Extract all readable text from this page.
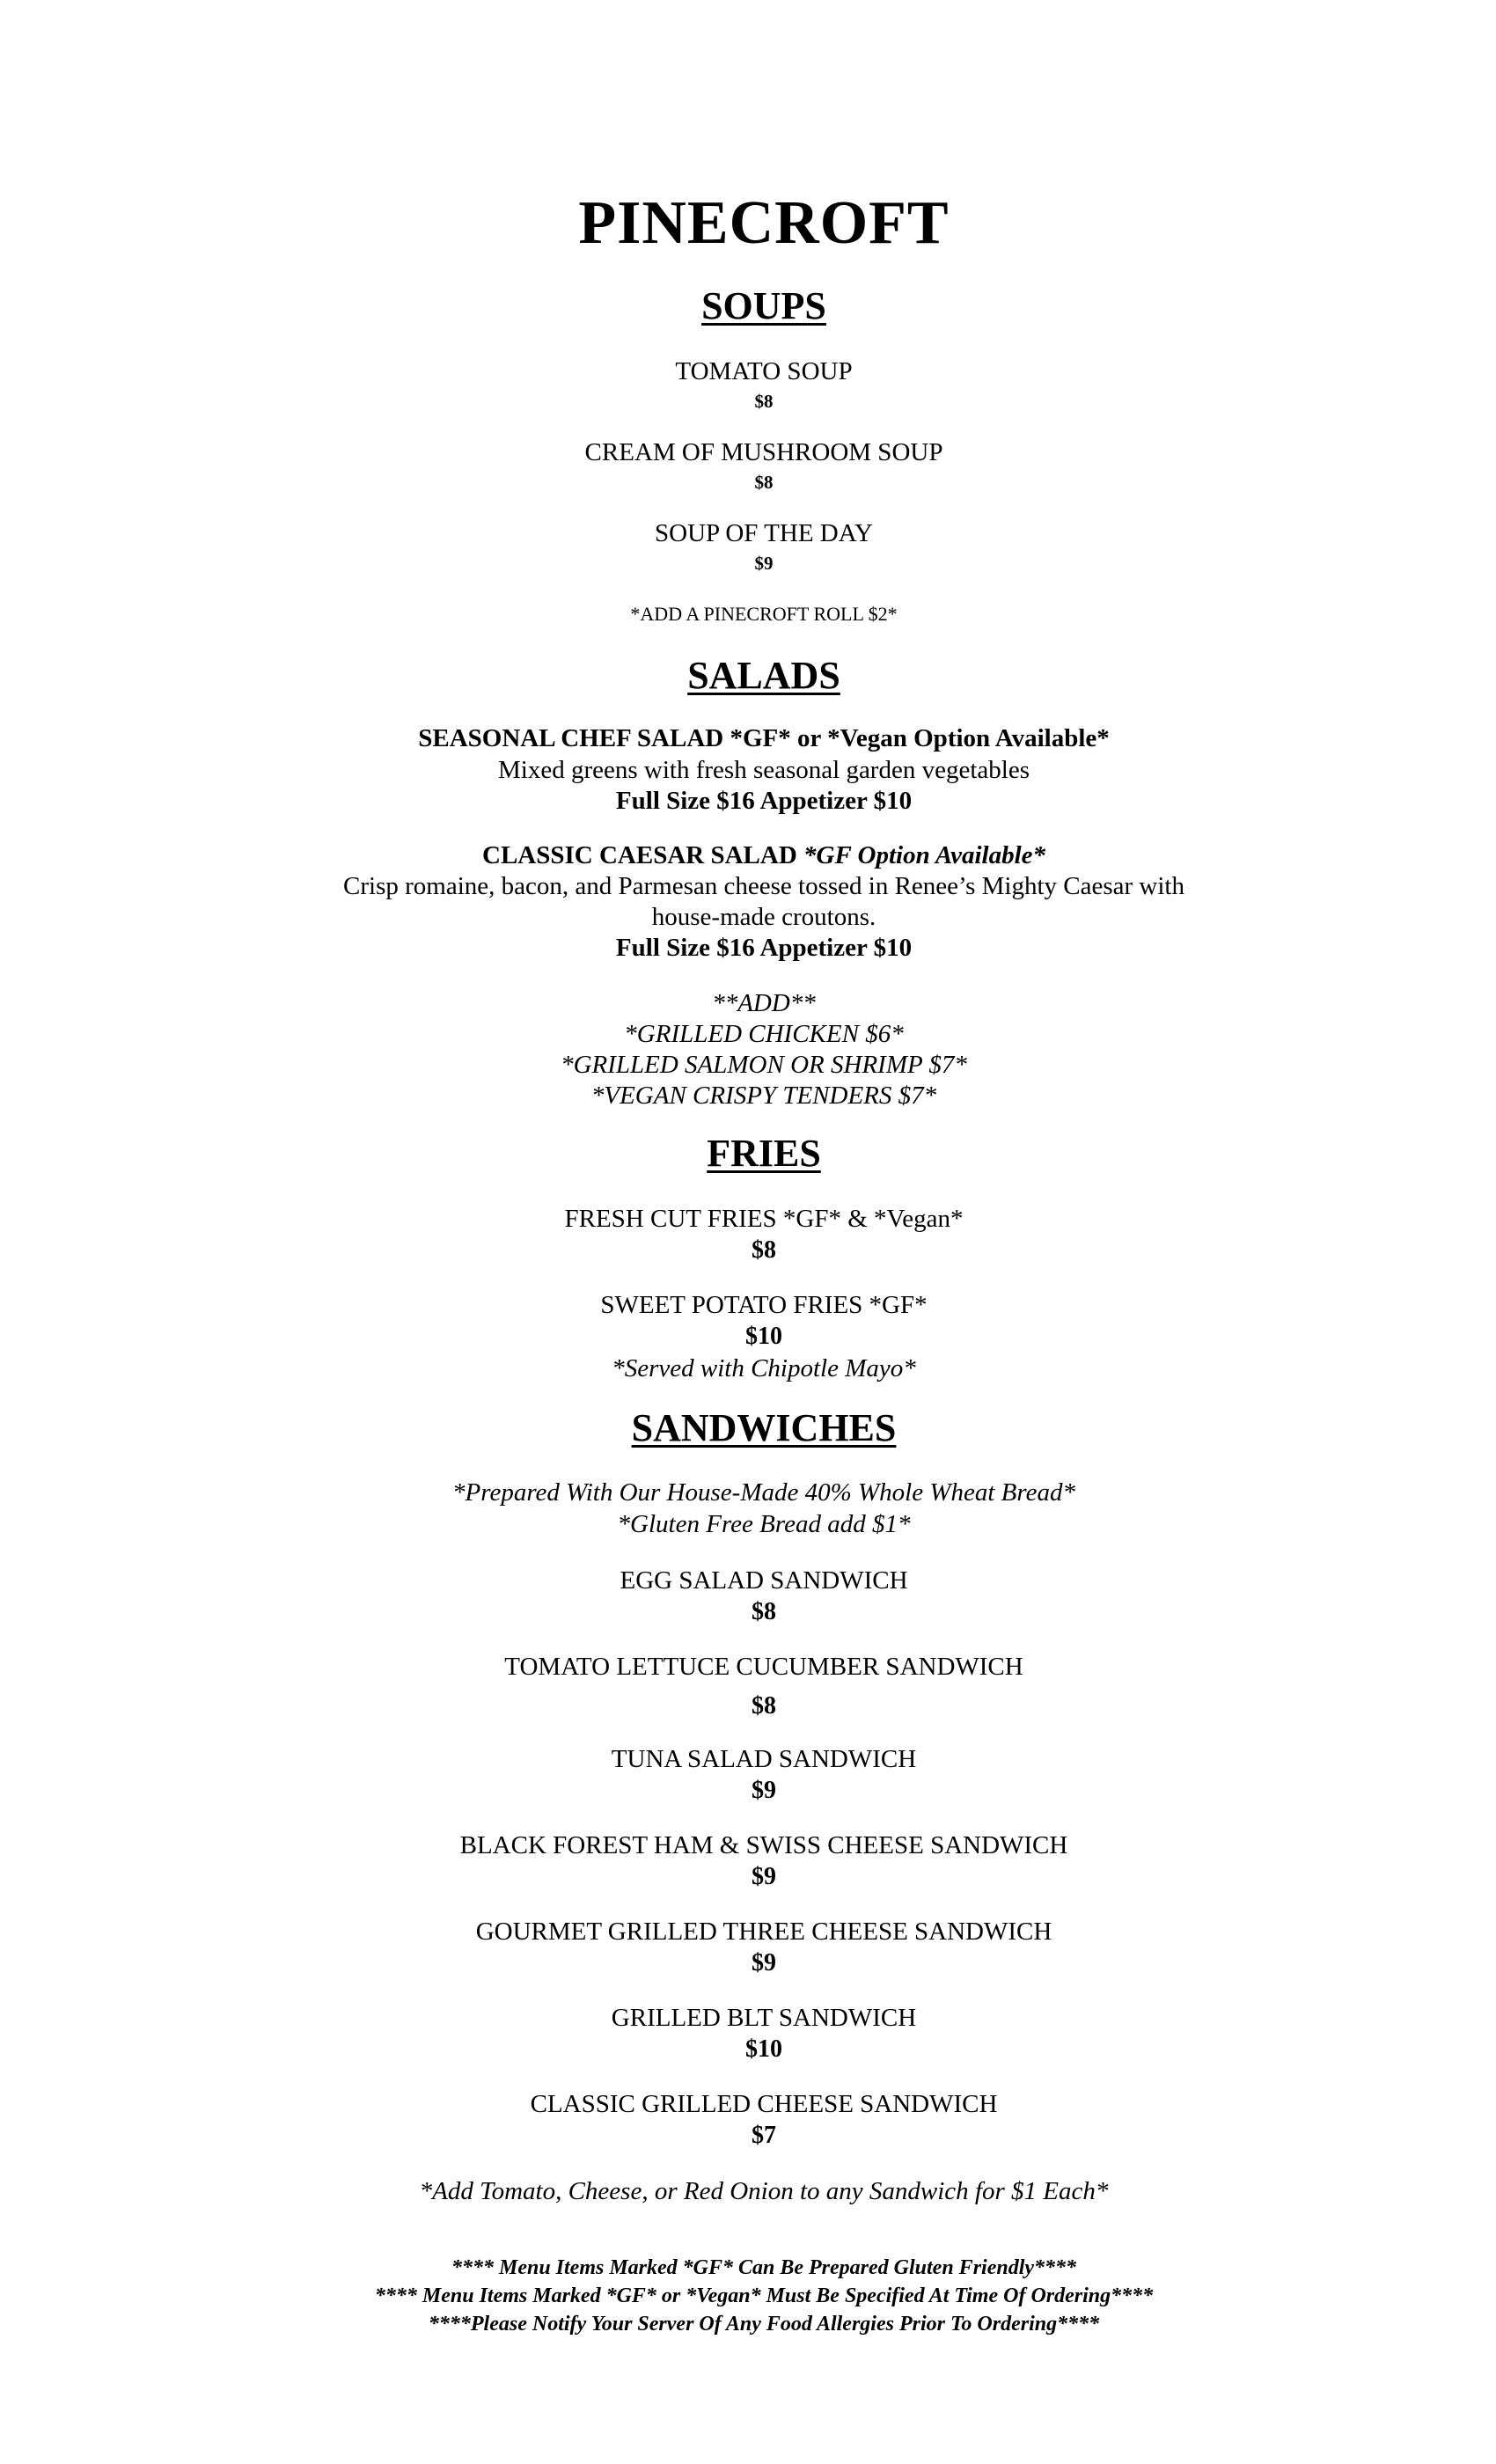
PINECROFT
SOUPS
TOMATO SOUP
$8
CREAM OF MUSHROOM SOUP
$8
SOUP OF THE DAY
$9
*ADD A PINECROFT ROLL $2*
SALADS
SEASONAL CHEF SALAD *GF* or *Vegan Option Available*
Mixed greens with fresh seasonal garden vegetables
Full Size $16 Appetizer $10
CLASSIC CAESAR SALAD *GF Option Available*
Crisp romaine, bacon, and Parmesan cheese tossed in Renee’s Mighty Caesar with
house-made croutons.
Full Size $16 Appetizer $10
**ADD**
*GRILLED CHICKEN $6*
*GRILLED SALMON OR SHRIMP $7*
*VEGAN CRISPY TENDERS $7*
FRIES
FRESH CUT FRIES *GF* & *Vegan*
$8
SWEET POTATO FRIES *GF*
$10
*Served with Chipotle Mayo*
SANDWICHES
*Prepared With Our House-Made 40% Whole Wheat Bread*
*Gluten Free Bread add $1*
EGG SALAD SANDWICH
$8
TOMATO LETTUCE CUCUMBER SANDWICH
$8
TUNA SALAD SANDWICH
$9
BLACK FOREST HAM & SWISS CHEESE SANDWICH
$9
GOURMET GRILLED THREE CHEESE SANDWICH
$9
GRILLED BLT SANDWICH
$10
CLASSIC GRILLED CHEESE SANDWICH
$7
*Add Tomato, Cheese, or Red Onion to any Sandwich for $1 Each*
**** Menu Items Marked *GF* Can Be Prepared Gluten Friendly****
**** Menu Items Marked *GF* or *Vegan* Must Be Specified At Time Of Ordering****
****Please Notify Your Server Of Any Food Allergies Prior To Ordering****
